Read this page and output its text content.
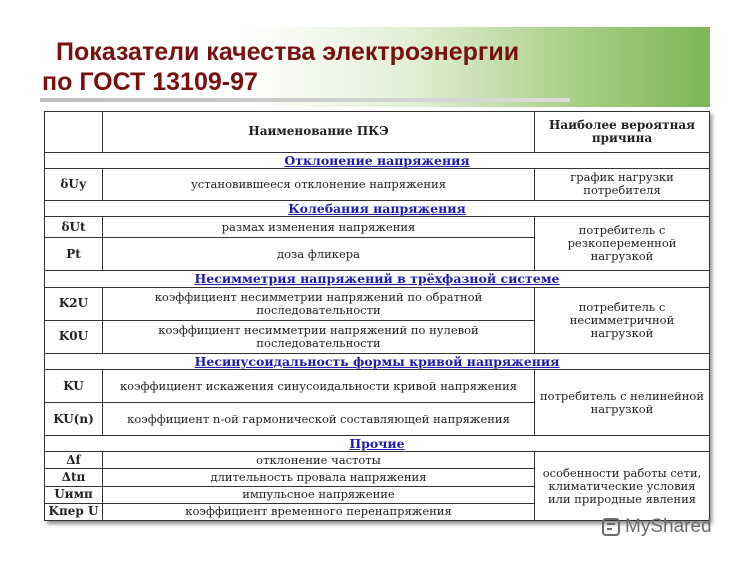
Показатели качества электроэнергии
по ГОСТ 13109-97
	Наименование ПКЭ	Наиболее вероятная причина
Отклонение напряжения		
δUу	установившееся отклонение напряжения	график нагрузки потребителя
Колебания напряжения		
δUt	размах изменения напряжения	потребитель с резкопеременной нагрузкой
Pt	доза фликера	
Несимметрия напряжений в трёхфазной системе		
K2U	коэффициент несимметрии напряжений по обратной последовательности	потребитель с несимметричной нагрузкой
K0U	коэффициент несимметрии напряжений по нулевой последовательности	
Несинусоидальность формы кривой напряжения		
KU	коэффициент искажения синусоидальности кривой напряжения	потребитель с нелинейной нагрузкой
KU(n)	коэффициент n-ой гармонической составляющей напряжения	
Прочие		
Δf	отклонение частоты	особенности работы сети, климатические условия или природные явления
Δtп	длительность провала напряжения	
Uимп	импульсное напряжение	
Kпер U	коэффициент временного перенапряжения	
MyShared
